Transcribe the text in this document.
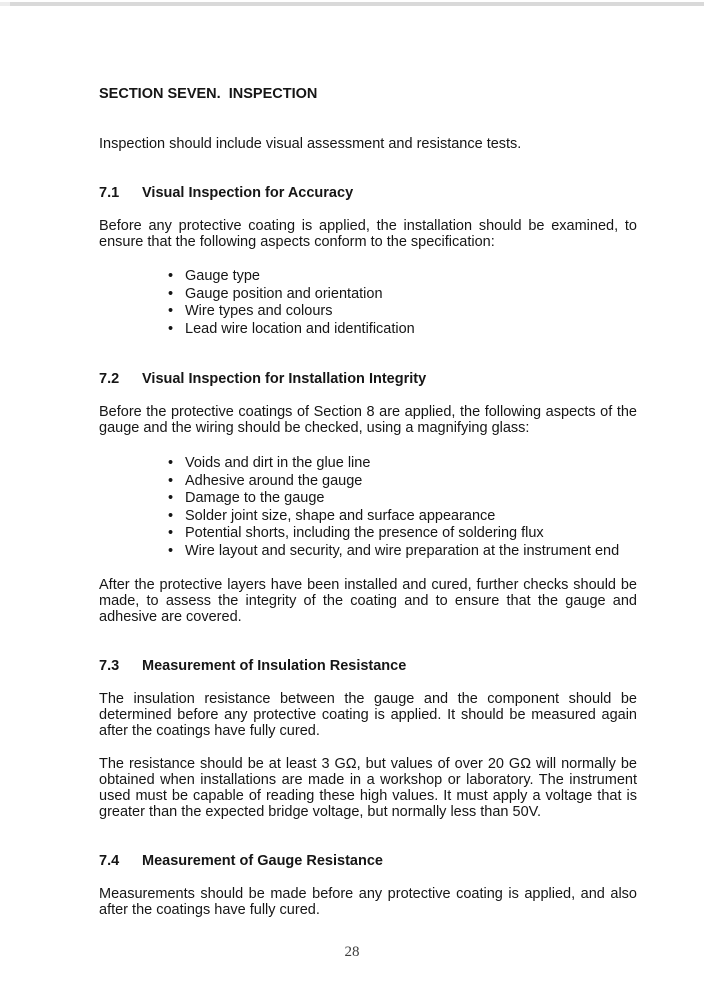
SECTION SEVEN.  INSPECTION

Inspection should include visual assessment and resistance tests.

7.1	Visual Inspection for Accuracy

Before any protective coating is applied, the installation should be examined, to ensure that the following aspects conform to the specification:

• Gauge type
• Gauge position and orientation
• Wire types and colours
• Lead wire location and identification
7.2	Visual Inspection for Installation Integrity

Before the protective coatings of Section 8 are applied, the following aspects of the gauge and the wiring should be checked, using a magnifying glass:

• Voids and dirt in the glue line
• Adhesive around the gauge
• Damage to the gauge
• Solder joint size, shape and surface appearance
• Potential shorts, including the presence of soldering flux
• Wire layout and security, and wire preparation at the instrument end

After the protective layers have been installed and cured, further checks should be made, to assess the integrity of the coating and to ensure that the gauge and adhesive are covered.

7.3	Measurement of Insulation Resistance

The insulation resistance between the gauge and the component should be determined before any protective coating is applied. It should be measured again after the coatings have fully cured.

The resistance should be at least 3 GΩ, but values of over 20 GΩ will normally be obtained when installations are made in a workshop or laboratory. The instrument used must be capable of reading these high values. It must apply a voltage that is greater than the expected bridge voltage, but normally less than 50V.

7.4	Measurement of Gauge Resistance

Measurements should be made before any protective coating is applied, and also after the coatings have fully cured.

28
